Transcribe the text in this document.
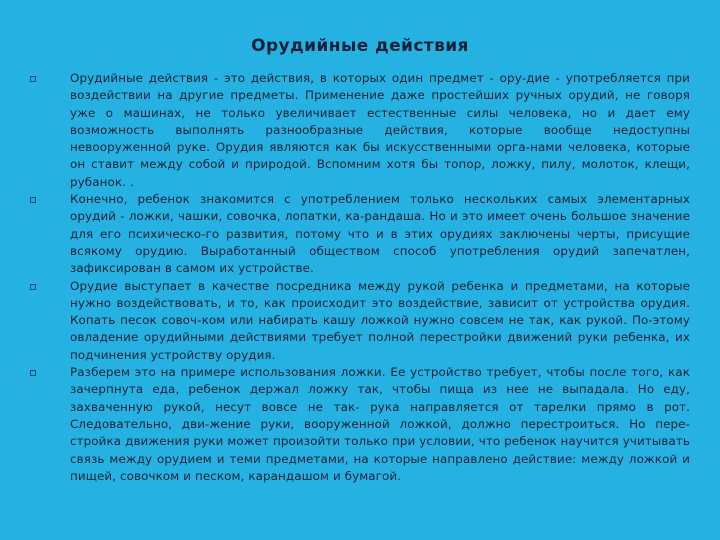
Орудийные действия
Орудийные действия - это действия, в которых один предмет - ору-дие - употребляется при воздействии на другие предметы. Применение даже простейших ручных орудий, не говоря уже о машинах, не только увеличивает естественные силы человека, но и дает ему возможность выполнять разнообразные действия, которые вообще недоступны невооруженной руке. Орудия являются как бы искусственными орга-нами человека, которые он ставит между собой и природой. Вспомним хотя бы топор, ложку, пилу, молоток, клещи, рубанок. .
Конечно, ребенок знакомится с употреблением только нескольких самых элементарных орудий - ложки, чашки, совочка, лопатки, ка-рандаша. Но и это имеет очень большое значение для его психическо-го развития, потому что и в этих орудиях заключены черты, присущие всякому орудию. Выработанный обществом способ употребления орудий запечатлен, зафиксирован в самом их устройстве.
Орудие выступает в качестве посредника между рукой ребенка и предметами, на которые нужно воздействовать, и то, как происходит это воздействие, зависит от устройства орудия. Копать песок совоч-ком или набирать кашу ложкой нужно совсем не так, как рукой. По-этому овладение орудийными действиями требует полной перестройки движений руки ребенка, их подчинения устройству орудия.
Разберем это на примере использования ложки. Ее устройство требует, чтобы после того, как зачерпнута еда, ребенок держал ложку так, чтобы пища из нее не выпадала. Но еду, захваченную рукой, несут вовсе не так- рука направляется от тарелки прямо в рот. Следовательно, дви-жение руки, вооруженной ложкой, должно перестроиться. Но пере-стройка движения руки может произойти только при условии, что ребенок научится учитывать связь между орудием и теми предметами, на которые направлено действие: между ложкой и пищей, совочком и песком, карандашом и бумагой.
